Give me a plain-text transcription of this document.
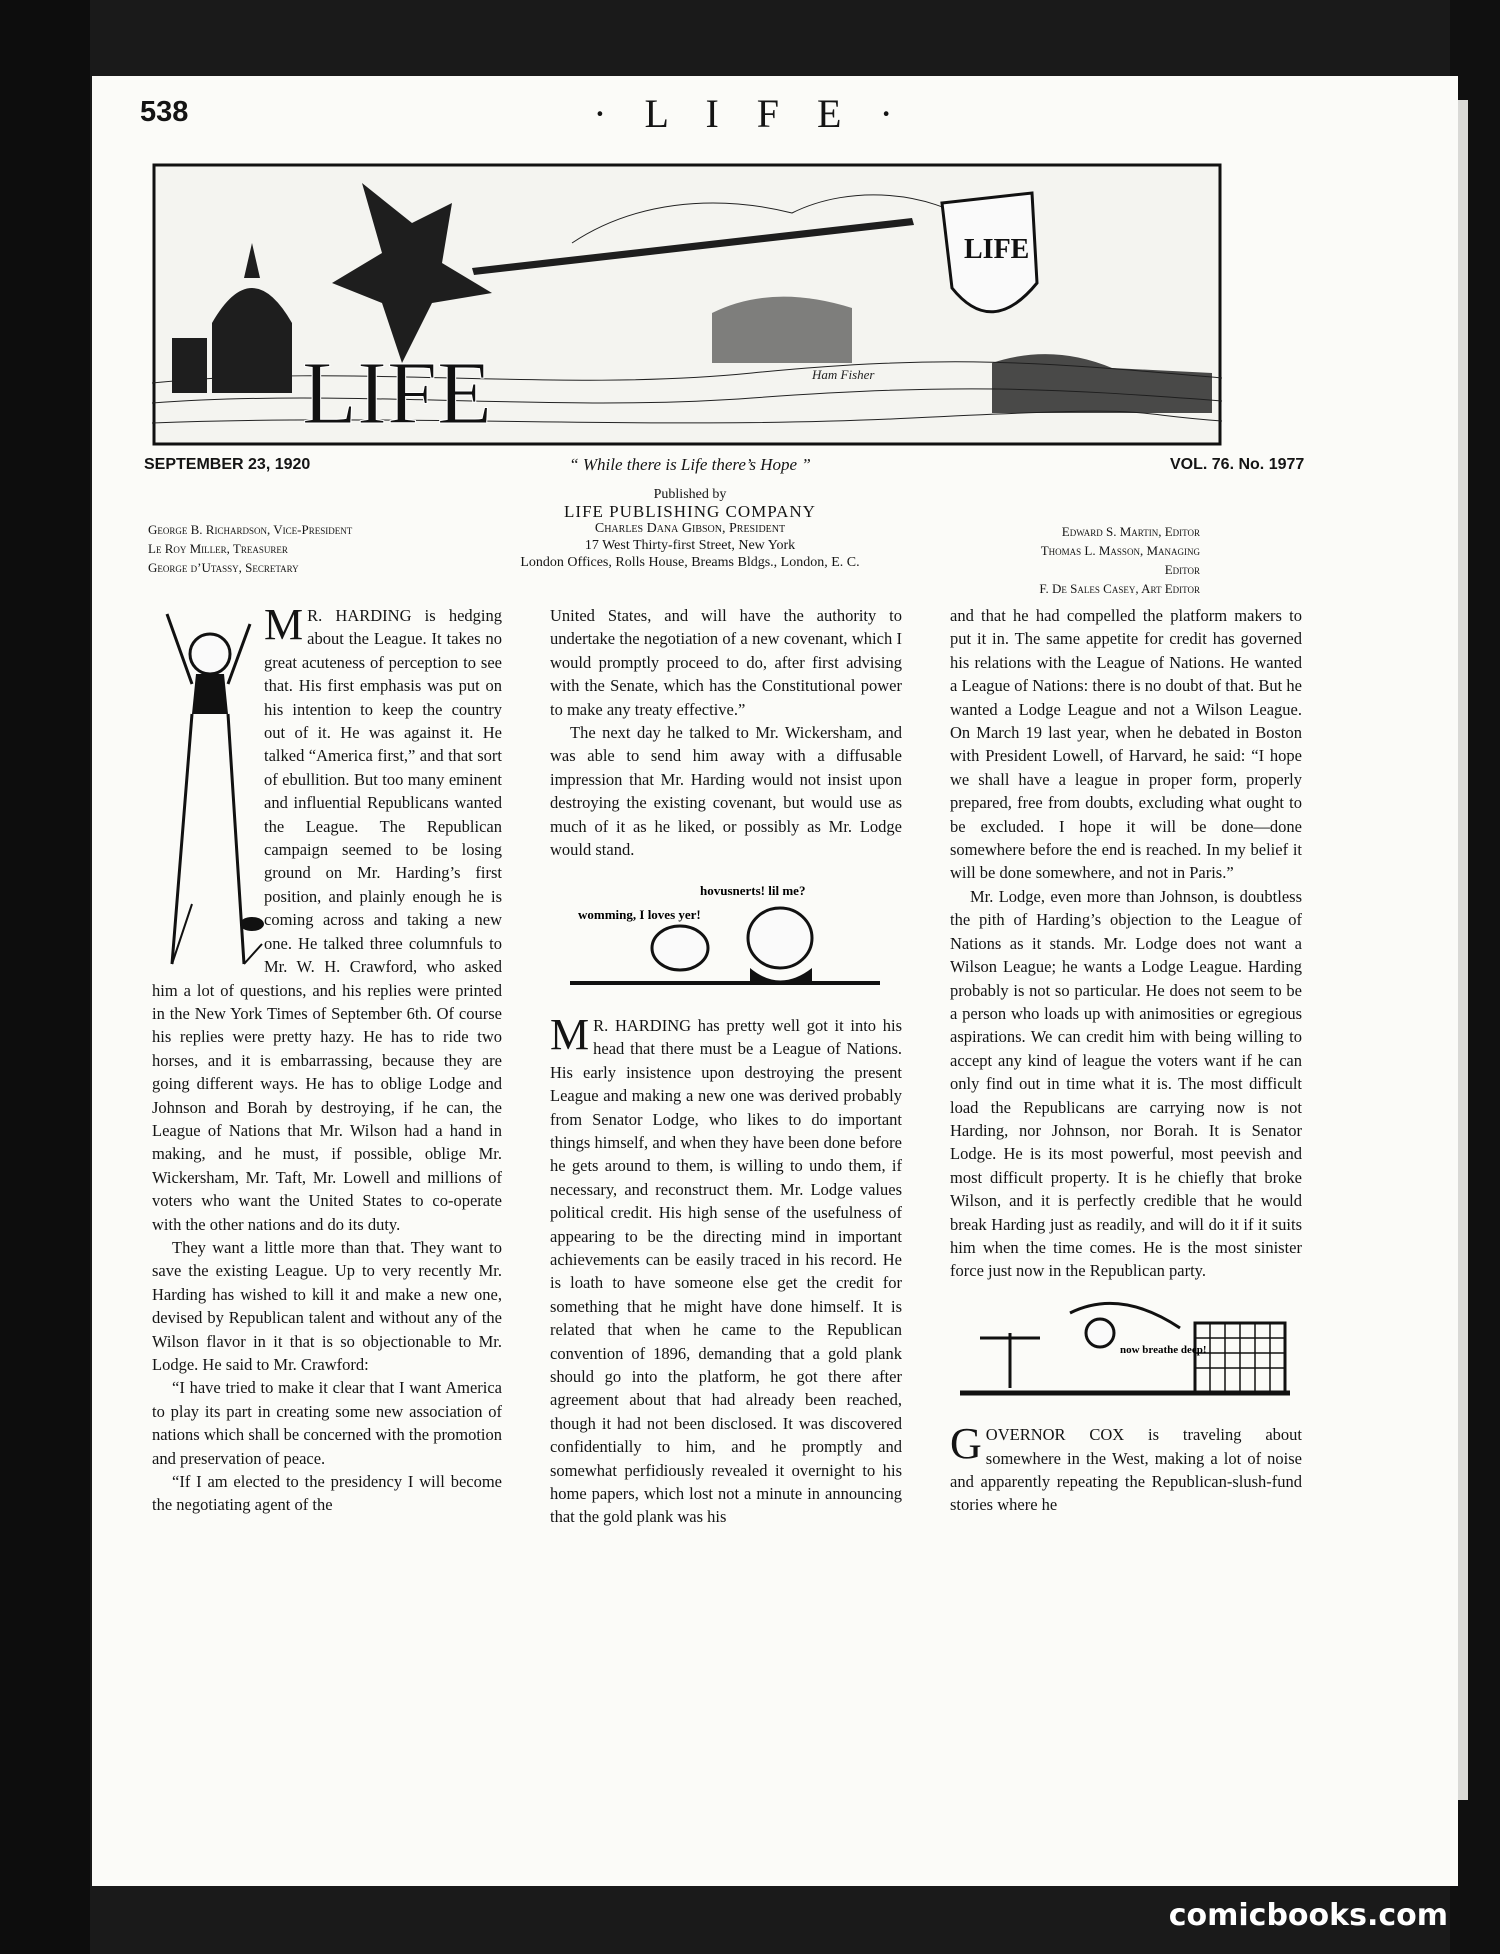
538	· L I F E ·
LIFE
LIFE	Ham Fisher
SEPTEMBER 23, 1920	“ While there is Life there’s Hope ”	VOL. 76. No. 1977
Published by
LIFE PUBLISHING COMPANY
Charles Dana Gibson, President
17 West Thirty-first Street, New York
London Offices, Rolls House, Breams Bldgs., London, E. C.
George B. Richardson, Vice-President
Le Roy Miller, Treasurer
George d’Utassy, Secretary
Edward S. Martin, Editor
Thomas L. Masson, Managing Editor
F. De Sales Casey, Art Editor

M R. HARDING is hedging about the League. It takes no great acuteness of perception to see that. His first emphasis was put on his intention to keep the country out of it. He was against it. He talked “America first,” and that sort of ebullition. But too many eminent and influential Republicans wanted the League. The Republican campaign seemed to be losing ground on Mr. Harding’s first position, and plainly enough he is coming across and taking a new one. He talked three columnfuls to Mr. W. H. Crawford, who asked him a lot of questions, and his replies were printed in the New York Times of September 6th. Of course his replies were pretty hazy. He has to ride two horses, and it is embarrassing, because they are going different ways. He has to oblige Lodge and Johnson and Borah by destroying, if he can, the League of Nations that Mr. Wilson had a hand in making, and he must, if possible, oblige Mr. Wickersham, Mr. Taft, Mr. Lowell and millions of voters who want the United States to co-operate with the other nations and do its duty.

They want a little more than that. They want to save the existing League. Up to very recently Mr. Harding has wished to kill it and make a new one, devised by Republican talent and without any of the Wilson flavor in it that is so objectionable to Mr. Lodge. He said to Mr. Crawford:

“I have tried to make it clear that I want America to play its part in creating some new association of nations which shall be concerned with the promotion and preservation of peace.

“If I am elected to the presidency I will become the negotiating agent of the

United States, and will have the authority to undertake the negotiation of a new covenant, which I would promptly proceed to do, after first advising with the Senate, which has the Constitutional power to make any treaty effective.”

The next day he talked to Mr. Wickersham, and was able to send him away with a diffusable impression that Mr. Harding would not insist upon destroying the existing covenant, but would use as much of it as he liked, or possibly as Mr. Lodge would stand.

womming, I loves yer!
hovusnerts! lil me?

M R. HARDING has pretty well got it into his head that there must be a League of Nations. His early insistence upon destroying the present League and making a new one was derived probably from Senator Lodge, who likes to do important things himself, and when they have been done before he gets around to them, is willing to undo them, if necessary, and reconstruct them. Mr. Lodge values political credit. His high sense of the usefulness of appearing to be the directing mind in important achievements can be easily traced in his record. He is loath to have someone else get the credit for something that he might have done himself. It is related that when he came to the Republican convention of 1896, demanding that a gold plank should go into the platform, he got there after agreement about that had already been reached, though it had not been disclosed. It was discovered confidentially to him, and he promptly and somewhat perfidiously revealed it overnight to his home papers, which lost not a minute in announcing that the gold plank was his

and that he had compelled the platform makers to put it in. The same appetite for credit has governed his relations with the League of Nations. He wanted a League of Nations: there is no doubt of that. But he wanted a Lodge League and not a Wilson League. On March 19 last year, when he debated in Boston with President Lowell, of Harvard, he said: “I hope we shall have a league in proper form, properly prepared, free from doubts, excluding what ought to be excluded. I hope it will be done—done somewhere before the end is reached. In my belief it will be done somewhere, and not in Paris.”

Mr. Lodge, even more than Johnson, is doubtless the pith of Harding’s objection to the League of Nations as it stands. Mr. Lodge does not want a Wilson League; he wants a Lodge League. Harding probably is not so particular. He does not seem to be a person who loads up with animosities or egregious aspirations. We can credit him with being willing to accept any kind of league the voters want if he can only find out in time what it is. The most difficult load the Republicans are carrying now is not Harding, nor Johnson, nor Borah. It is Senator Lodge. He is its most powerful, most peevish and most difficult property. It is he chiefly that broke Wilson, and it is perfectly credible that he would break Harding just as readily, and will do it if it suits him when the time comes. He is the most sinister force just now in the Republican party.

now breathe deep!

GOVERNOR COX is traveling about somewhere in the West, making a lot of noise and apparently repeating the Republican-slush-fund stories where he

comicbooks.com
